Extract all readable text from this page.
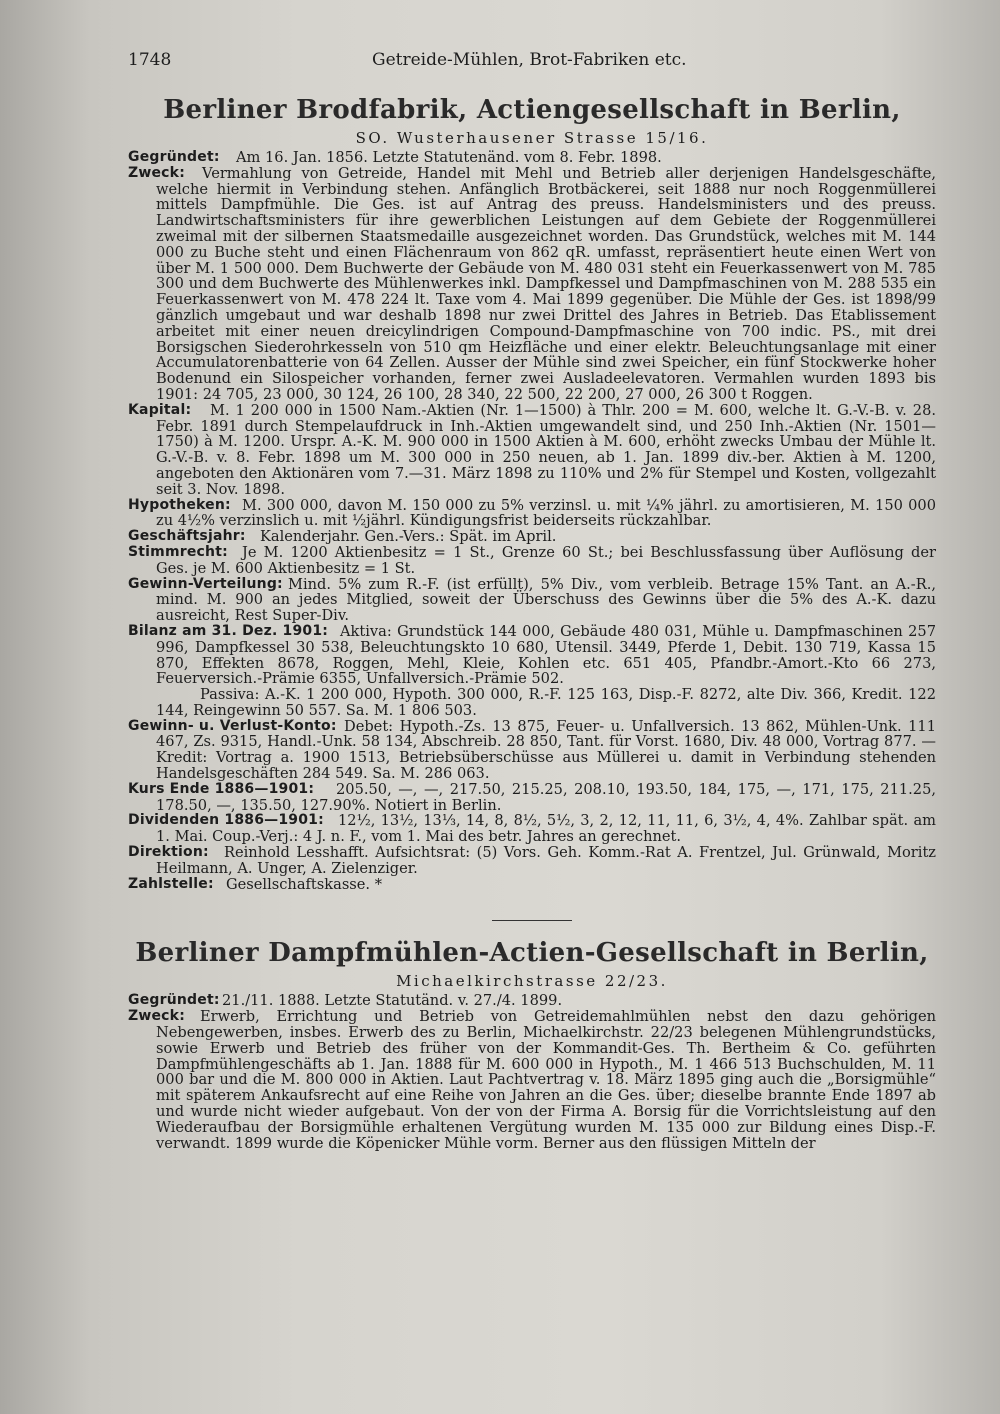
1748	Getreide-Mühlen, Brot-Fabriken etc.
Berliner Brodfabrik, Actiengesellschaft in Berlin,
SO. Wusterhausener Strasse 15/16.
Gegründet:	Am 16. Jan. 1856. Letzte Statutenänd. vom 8. Febr. 1898.
Zweck:	Vermahlung von Getreide, Handel mit Mehl und Betrieb aller derjenigen Handelsgeschäfte, welche hiermit in Verbindung stehen. Anfänglich Brotbäckerei, seit 1888 nur noch Roggenmüllerei mittels Dampfmühle. Die Ges. ist auf Antrag des preuss. Handelsministers und des preuss. Landwirtschaftsministers für ihre gewerblichen Leistungen auf dem Gebiete der Roggenmüllerei zweimal mit der silbernen Staatsmedaille ausgezeichnet worden. Das Grundstück, welches mit M. 144 000 zu Buche steht und einen Flächenraum von 862 qR. umfasst, repräsentiert heute einen Wert von über M. 1 500 000. Dem Buchwerte der Gebäude von M. 480 031 steht ein Feuerkassenwert von M. 785 300 und dem Buchwerte des Mühlenwerkes inkl. Dampfkessel und Dampfmaschinen von M. 288 535 ein Feuerkassenwert von M. 478 224 lt. Taxe vom 4. Mai 1899 gegenüber. Die Mühle der Ges. ist 1898/99 gänzlich umgebaut und war deshalb 1898 nur zwei Drittel des Jahres in Betrieb. Das Etablissement arbeitet mit einer neuen dreicylindrigen Compound-Dampfmaschine von 700 indic. PS., mit drei Borsigschen Siederohrkesseln von 510 qm Heizfläche und einer elektr. Beleuchtungsanlage mit einer Accumulatorenbatterie von 64 Zellen. Ausser der Mühle sind zwei Speicher, ein fünf Stockwerke hoher Bodenund ein Silospeicher vorhanden, ferner zwei Ausladeelevatoren. Vermahlen wurden 1893 bis 1901: 24 705, 23 000, 30 124, 26 100, 28 340, 22 500, 22 200, 27 000, 26 300 t Roggen.
Kapital:	M. 1 200 000 in 1500 Nam.-Aktien (Nr. 1—1500) à Thlr. 200 = M. 600, welche lt. G.-V.-B. v. 28. Febr. 1891 durch Stempelaufdruck in Inh.-Aktien umgewandelt sind, und 250 Inh.-Aktien (Nr. 1501—1750) à M. 1200. Urspr. A.-K. M. 900 000 in 1500 Aktien à M. 600, erhöht zwecks Umbau der Mühle lt. G.-V.-B. v. 8. Febr. 1898 um M. 300 000 in 250 neuen, ab 1. Jan. 1899 div.-ber. Aktien à M. 1200, angeboten den Aktionären vom 7.—31. März 1898 zu 110% und 2% für Stempel und Kosten, vollgezahlt seit 3. Nov. 1898.
Hypotheken: M. 300 000, davon M. 150 000 zu 5% verzinsl. u. mit ¼% jährl. zu amortisieren, M. 150 000 zu 4½% verzinslich u. mit ½jährl. Kündigungsfrist beiderseits rückzahlbar.
Geschäftsjahr: Kalenderjahr. Gen.-Vers.: Spät. im April.
Stimmrecht: Je M. 1200 Aktienbesitz = 1 St., Grenze 60 St.; bei Beschlussfassung über Auflösung der Ges. je M. 600 Aktienbesitz = 1 St.
Gewinn-Verteilung: Mind. 5% zum R.-F. (ist erfüllt), 5% Div., vom verbleib. Betrage 15% Tant. an A.-R., mind. M. 900 an jedes Mitglied, soweit der Überschuss des Gewinns über die 5% des A.-K. dazu ausreicht, Rest Super-Div.
Bilanz am 31. Dez. 1901: Aktiva: Grundstück 144 000, Gebäude 480 031, Mühle u. Dampfmaschinen 257 996, Dampfkessel 30 538, Beleuchtungskto 10 680, Utensil. 3449, Pferde 1, Debit. 130 719, Kassa 15 870, Effekten 8678, Roggen, Mehl, Kleie, Kohlen etc. 651 405, Pfandbr.-Amort.-Kto 66 273, Feuerversich.-Prämie 6355, Unfallversich.-Prämie 502.
Passiva: A.-K. 1 200 000, Hypoth. 300 000, R.-F. 125 163, Disp.-F. 8272, alte Div. 366, Kredit. 122 144, Reingewinn 50 557. Sa. M. 1 806 503.
Gewinn- u. Verlust-Konto: Debet: Hypoth.-Zs. 13 875, Feuer- u. Unfallversich. 13 862, Mühlen-Unk. 111 467, Zs. 9315, Handl.-Unk. 58 134, Abschreib. 28 850, Tant. für Vorst. 1680, Div. 48 000, Vortrag 877. — Kredit: Vortrag a. 1900 1513, Betriebsüberschüsse aus Müllerei u. damit in Verbindung stehenden Handelsgeschäften 284 549. Sa. M. 286 063.
Kurs Ende 1886—1901:	205.50, —, —, 217.50, 215.25, 208.10, 193.50, 184, 175, —, 171, 175, 211.25, 178.50, —, 135.50, 127.90%. Notiert in Berlin.
Dividenden 1886—1901: 12½, 13½, 13⅓, 14, 8, 8½, 5½, 3, 2, 12, 11, 11, 6, 3½, 4, 4%. Zahlbar spät. am 1. Mai. Coup.-Verj.: 4 J. n. F., vom 1. Mai des betr. Jahres an gerechnet.
Direktion:	Reinhold Lesshafft. Aufsichtsrat: (5) Vors. Geh. Komm.-Rat A. Frentzel, Jul. Grünwald, Moritz Heilmann, A. Unger, A. Zielenziger.
Zahlstelle: Gesellschaftskasse. *
Berliner Dampfmühlen-Actien-Gesellschaft in Berlin,
Michaelkirchstrasse 22/23.
Gegründet: 21./11. 1888. Letzte Statutänd. v. 27./4. 1899.
Zweck:	Erwerb, Errichtung und Betrieb von Getreidemahlmühlen nebst den dazu gehörigen Nebengewerben, insbes. Erwerb des zu Berlin, Michaelkirchstr. 22/23 belegenen Mühlengrundstücks, sowie Erwerb und Betrieb des früher von der Kommandit-Ges. Th. Bertheim & Co. geführten Dampfmühlengeschäfts ab 1. Jan. 1888 für M. 600 000 in Hypoth., M. 1 466 513 Buchschulden, M. 11 000 bar und die M. 800 000 in Aktien. Laut Pachtvertrag v. 18. März 1895 ging auch die „Borsigmühle“ mit späterem Ankaufsrecht auf eine Reihe von Jahren an die Ges. über; dieselbe brannte Ende 1897 ab und wurde nicht wieder aufgebaut. Von der von der Firma A. Borsig für die Vorrichtsleistung auf den Wiederaufbau der Borsigmühle erhaltenen Vergütung wurden M. 135 000 zur Bildung eines Disp.-F. verwandt. 1899 wurde die Köpenicker Mühle vorm. Berner aus den flüssigen Mitteln der
